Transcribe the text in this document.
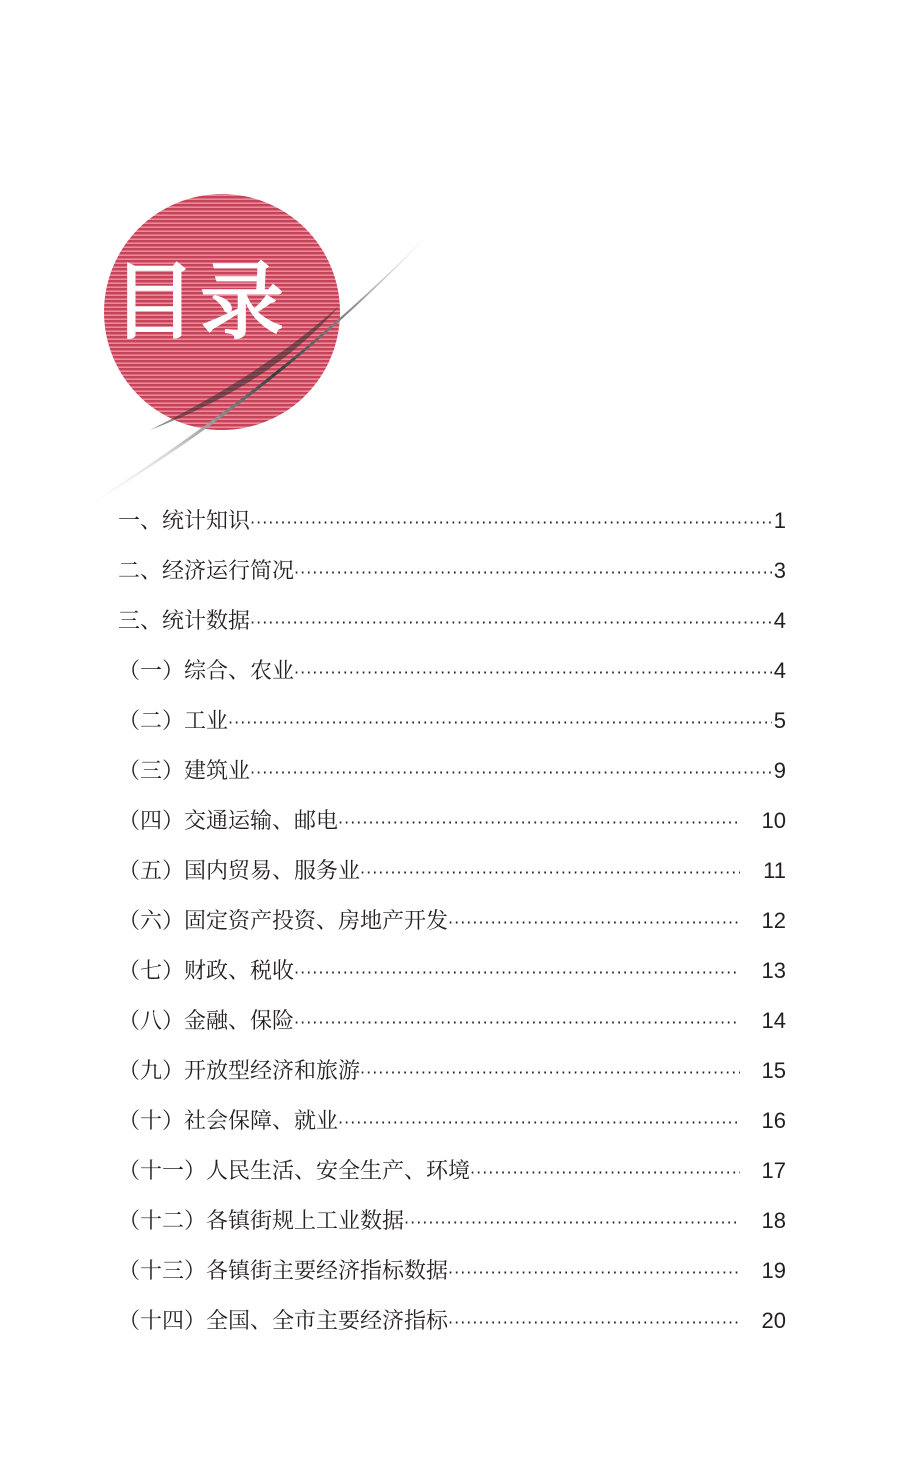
目录
一、统计知识 ·····	1
二、经济运行简况 ·····	3
三、统计数据 ·····	4
（一）综合、农业 ·····	4
（二）工业 ·····	5
（三）建筑业 ·····	9
（四）交通运输、邮电 ·····	10
（五）国内贸易、服务业 ·····	11
（六）固定资产投资、房地产开发 ·····	12
（七）财政、税收 ·····	13
（八）金融、保险 ·····	14
（九）开放型经济和旅游 ·····	15
（十）社会保障、就业 ·····	16
（十一）人民生活、安全生产、环境 ·····	17
（十二）各镇街规上工业数据 ·····	18
（十三）各镇街主要经济指标数据 ·····	19
（十四）全国、全市主要经济指标 ·····	20
